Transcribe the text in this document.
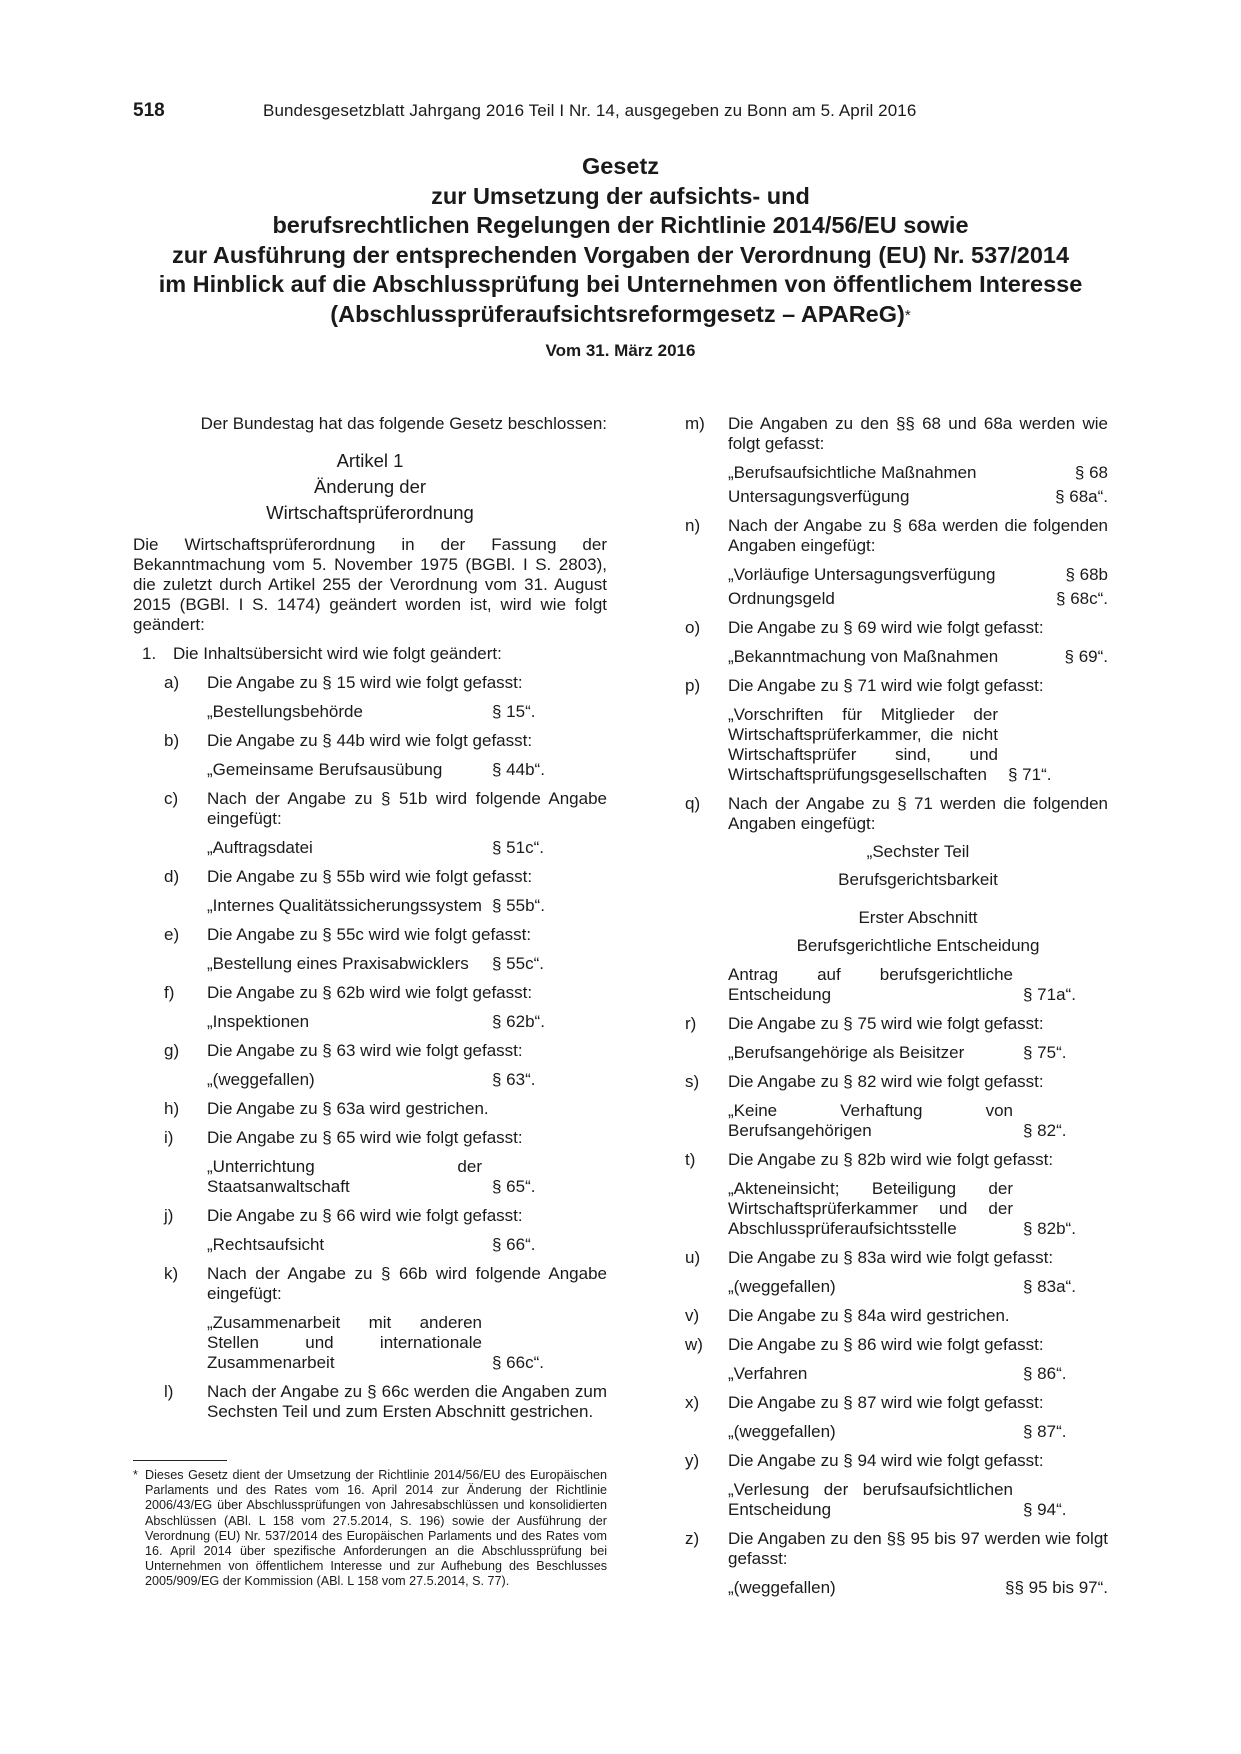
518	Bundesgesetzblatt Jahrgang 2016 Teil I Nr. 14, ausgegeben zu Bonn am 5. April 2016
Gesetz
zur Umsetzung der aufsichts- und
berufsrechtlichen Regelungen der Richtlinie 2014/56/EU sowie
zur Ausführung der entsprechenden Vorgaben der Verordnung (EU) Nr. 537/2014
im Hinblick auf die Abschlussprüfung bei Unternehmen von öffentlichem Interesse
(Abschlussprüferaufsichtsreformgesetz – APAReG)*
Vom 31. März 2016

Der Bundestag hat das folgende Gesetz beschlossen:

Artikel 1
Änderung der
Wirtschaftsprüferordnung

Die Wirtschaftsprüferordnung in der Fassung der Bekanntmachung vom 5. November 1975 (BGBl. I S. 2803), die zuletzt durch Artikel 255 der Verordnung vom 31. August 2015 (BGBl. I S. 1474) geändert worden ist, wird wie folgt geändert:

1. Die Inhaltsübersicht wird wie folgt geändert:
a) Die Angabe zu § 15 wird wie folgt gefasst:
„Bestellungsbehörde	§ 15“.
b) Die Angabe zu § 44b wird wie folgt gefasst:
„Gemeinsame Berufsausübung	§ 44b“.
c) Nach der Angabe zu § 51b wird folgende Angabe eingefügt:
„Auftragsdatei	§ 51c“.
d) Die Angabe zu § 55b wird wie folgt gefasst:
„Internes Qualitätssicherungssystem § 55b“.
e) Die Angabe zu § 55c wird wie folgt gefasst:
„Bestellung eines Praxisabwicklers	§ 55c“.
f) Die Angabe zu § 62b wird wie folgt gefasst:
„Inspektionen	§ 62b“.
g) Die Angabe zu § 63 wird wie folgt gefasst:
„(weggefallen)	§ 63“.
h) Die Angabe zu § 63a wird gestrichen.
i) Die Angabe zu § 65 wird wie folgt gefasst:
„Unterrichtung der Staatsanwaltschaft	§ 65“.
j) Die Angabe zu § 66 wird wie folgt gefasst:
„Rechtsaufsicht	§ 66“.
k) Nach der Angabe zu § 66b wird folgende Angabe eingefügt:
„Zusammenarbeit mit anderen Stellen und internationale Zusammenarbeit	§ 66c“.
l) Nach der Angabe zu § 66c werden die Angaben zum Sechsten Teil und zum Ersten Abschnitt gestrichen.
* Dieses Gesetz dient der Umsetzung der Richtlinie 2014/56/EU des Europäischen Parlaments und des Rates vom 16. April 2014 zur Änderung der Richtlinie 2006/43/EG über Abschlussprüfungen von Jahresabschlüssen und konsolidierten Abschlüssen (ABl. L 158 vom 27.5.2014, S. 196) sowie der Ausführung der Verordnung (EU) Nr. 537/2014 des Europäischen Parlaments und des Rates vom 16. April 2014 über spezifische Anforderungen an die Abschlussprüfung bei Unternehmen von öffentlichem Interesse und zur Aufhebung des Beschlusses 2005/909/EG der Kommission (ABl. L 158 vom 27.5.2014, S. 77).
m) Die Angaben zu den §§ 68 und 68a werden wie folgt gefasst:
„Berufsaufsichtliche Maßnahmen	§ 68
Untersagungsverfügung	§ 68a“.
n) Nach der Angabe zu § 68a werden die folgenden Angaben eingefügt:
„Vorläufige Untersagungsverfügung	§ 68b
Ordnungsgeld	§ 68c“.
o) Die Angabe zu § 69 wird wie folgt gefasst:
„Bekanntmachung von Maßnahmen	§ 69“.
p) Die Angabe zu § 71 wird wie folgt gefasst:
„Vorschriften für Mitglieder der Wirtschaftsprüferkammer, die nicht Wirtschaftsprüfer sind, und Wirtschaftsprüfungsgesellschaften	§ 71“.
q) Nach der Angabe zu § 71 werden die folgenden Angaben eingefügt:
„Sechster Teil
Berufsgerichtsbarkeit
Erster Abschnitt
Berufsgerichtliche Entscheidung
Antrag auf berufsgerichtliche Entscheidung	§ 71a“.
r) Die Angabe zu § 75 wird wie folgt gefasst:
„Berufsangehörige als Beisitzer	§ 75“.
s) Die Angabe zu § 82 wird wie folgt gefasst:
„Keine Verhaftung von Berufsangehörigen	§ 82“.
t) Die Angabe zu § 82b wird wie folgt gefasst:
„Akteneinsicht; Beteiligung der Wirtschaftsprüferkammer und der Abschlussprüferaufsichtsstelle	§ 82b“.
u) Die Angabe zu § 83a wird wie folgt gefasst:
„(weggefallen)	§ 83a“.
v) Die Angabe zu § 84a wird gestrichen.
w) Die Angabe zu § 86 wird wie folgt gefasst:
„Verfahren	§ 86“.
x) Die Angabe zu § 87 wird wie folgt gefasst:
„(weggefallen)	§ 87“.
y) Die Angabe zu § 94 wird wie folgt gefasst:
„Verlesung der berufsaufsichtlichen Entscheidung	§ 94“.
z) Die Angaben zu den §§ 95 bis 97 werden wie folgt gefasst:
„(weggefallen)	§§ 95 bis 97“.
